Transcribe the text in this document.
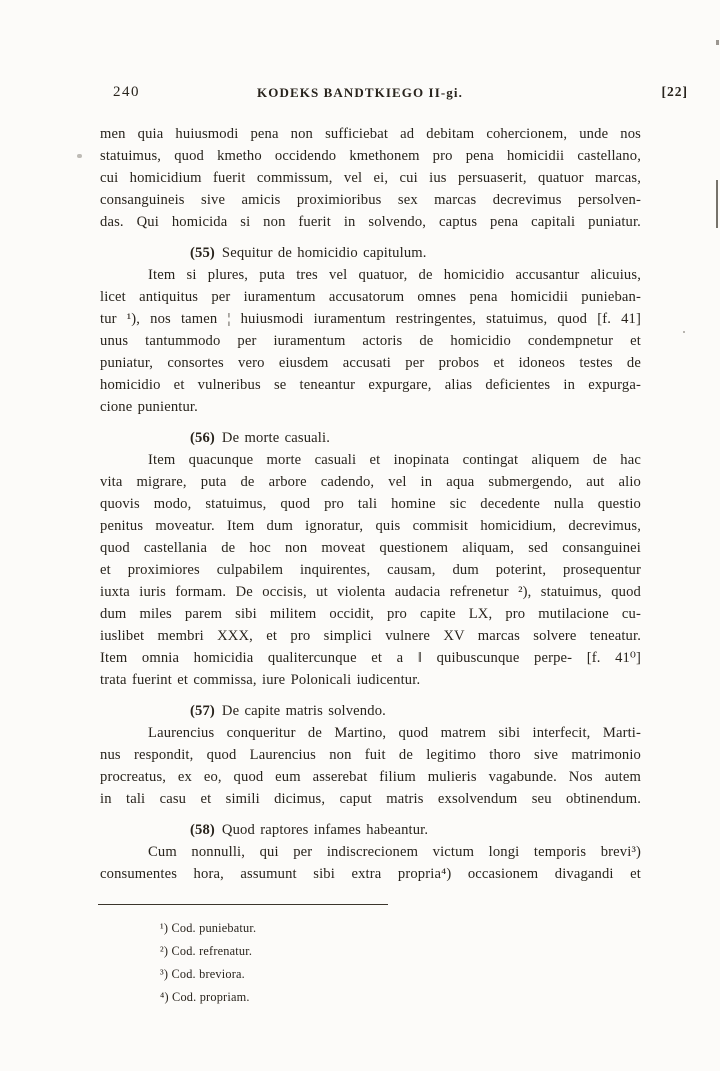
240	KODEKS BANDTKIEGO II-gi.	[22]
men quia huiusmodi pena non sufficiebat ad debitam cohercionem, unde nos
statuimus, quod kmetho occidendo kmethonem pro pena homicidii castellano,
cui homicidium fuerit commissum, vel ei, cui ius persuaserit, quatuor marcas,
consanguineis sive amicis proximioribus sex marcas decrevimus persolven-
das. Qui homicida si non fuerit in solvendo, captus pena capitali puniatur.
(55) Sequitur de homicidio capitulum.
Item si plures, puta tres vel quatuor, de homicidio accusantur alicuius,
licet antiquitus per iuramentum accusatorum omnes pena homicidii punieban-
tur ¹), nos tamen ¦ huiusmodi iuramentum restringentes, statuimus, quod [f. 41]
unus tantummodo per iuramentum actoris de homicidio condempnetur et
puniatur, consortes vero eiusdem accusati per probos et idoneos testes de
homicidio et vulneribus se teneantur expurgare, alias deficientes in expurga-
cione punientur.
(56) De morte casuali.
Item quacunque morte casuali et inopinata contingat aliquem de hac
vita migrare, puta de arbore cadendo, vel in aqua submergendo, aut alio
quovis modo, statuimus, quod pro tali homine sic decedente nulla questio
penitus moveatur. Item dum ignoratur, quis commisit homicidium, decrevimus,
quod castellania de hoc non moveat questionem aliquam, sed consanguinei
et proximiores culpabilem inquirentes, causam, dum poterint, prosequentur
iuxta iuris formam. De occisis, ut violenta audacia refrenetur ²), statuimus, quod
dum miles parem sibi militem occidit, pro capite LX, pro mutilacione cu-
iuslibet membri XXX, et pro simplici vulnere XV marcas solvere teneatur.
Item omnia homicidia qualitercunque et a ‖ quibuscunque perpe- [f. 41⁰]
trata fuerint et commissa, iure Polonicali iudicentur.
(57) De capite matris solvendo.
Laurencius conqueritur de Martino, quod matrem sibi interfecit, Marti-
nus respondit, quod Laurencius non fuit de legitimo thoro sive matrimonio
procreatus, ex eo, quod eum asserebat filium mulieris vagabunde. Nos autem
in tali casu et simili dicimus, caput matris exsolvendum seu obtinendum.
(58) Quod raptores infames habeantur.
Cum nonnulli, qui per indiscrecionem victum longi temporis brevi³)
consumentes hora, assumunt sibi extra propria⁴) occasionem divagandi et
¹) Cod. puniebatur.
²) Cod. refrenatur.
³) Cod. breviora.
⁴) Cod. propriam.
